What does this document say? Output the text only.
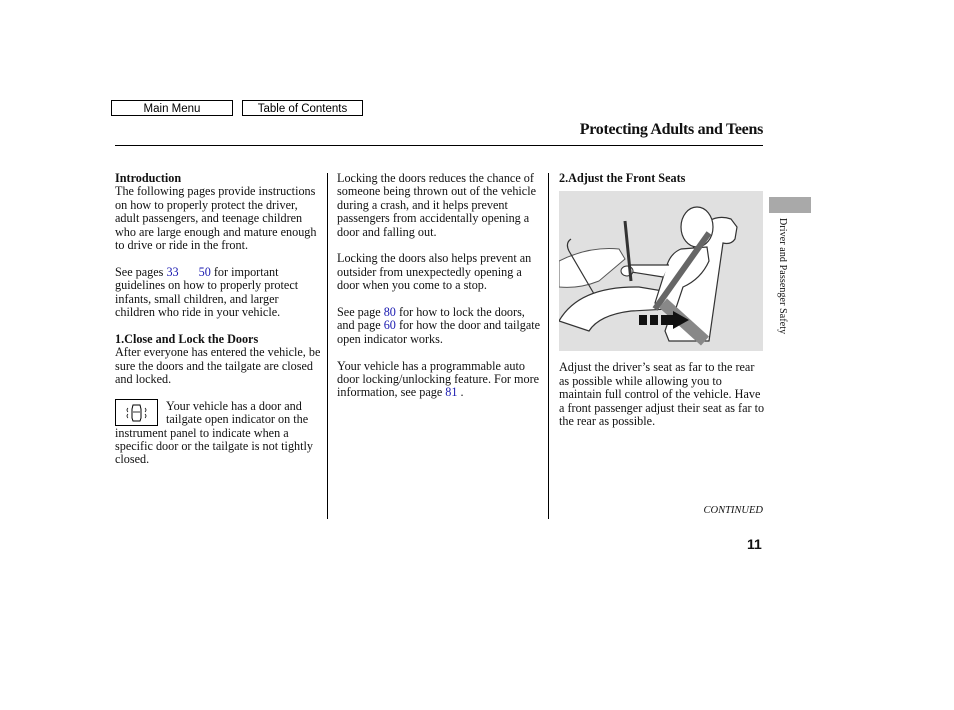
Main Menu	Table of Contents
Protecting Adults and Teens
Introduction

The following pages provide instructions on how to properly protect the driver, adult passengers, and teenage children who are large enough and mature enough to drive or ride in the front.

See pages 33 50 for important guidelines on how to properly protect infants, small children, and larger children who ride in your vehicle.

1.Close and Lock the Doors

After everyone has entered the vehicle, be sure the doors and the tailgate are closed and locked.

Your vehicle has a door and tailgate open indicator on the instrument panel to indicate when a specific door or the tailgate is not tightly closed.

Locking the doors reduces the chance of someone being thrown out of the vehicle during a crash, and it helps prevent passengers from accidentally opening a door and falling out.

Locking the doors also helps prevent an outsider from unexpectedly opening a door when you come to a stop.

See page 80 for how to lock the doors, and page 60 for how the door and tailgate open indicator works.

Your vehicle has a programmable auto door locking/unlocking feature. For more information, see page 81 .

2.Adjust the Front Seats

Adjust the driver’s seat as far to the rear as possible while allowing you to maintain full control of the vehicle. Have a front passenger adjust their seat as far to the rear as possible.

CONTINUED
11
Driver and Passenger Safety
